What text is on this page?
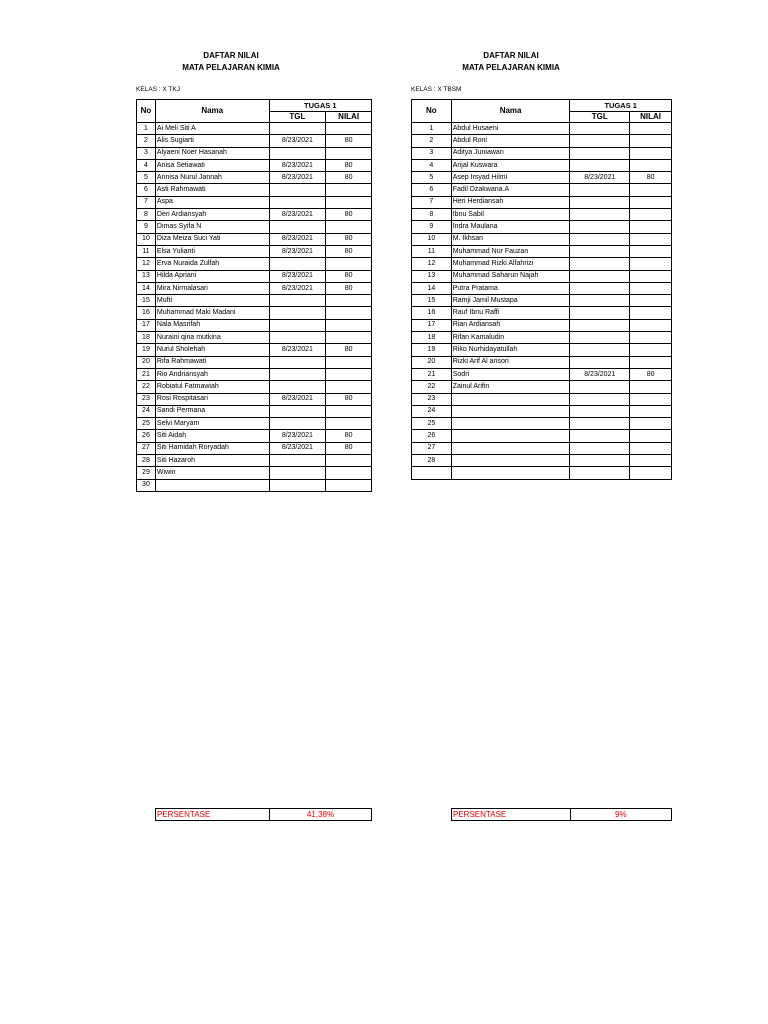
DAFTAR NILAI
MATA PELAJARAN KIMIA
KELAS : X TKJ
No	Nama	TUGAS 1	
		TGL	NILAI
1	Ai Meli Siti A		
2	Alis Sugiarti	8/23/2021	80
3	Alyaeni Noer Hasanah		
4	Anisa Setiawati	8/23/2021	80
5	Annisa Nurul Jannah	8/23/2021	80
6	Asti Rahmawati		
7	Aspa		
8	Deri Ardiansyah	8/23/2021	80
9	Dimas Syifa N		
10	Diza Meiza Suci Yati	8/23/2021	80
11	Elsa Yulianti	8/23/2021	80
12	Erva Nuraida Zulfah		
13	Hilda Apriani	8/23/2021	80
14	Mira Nirmalasari	8/23/2021	80
15	Mufti		
16	Muhammad Maki Madani		
17	Nala Masrifah		
18	Nuraini qina mutkina		
19	Nurul Sholehah	8/23/2021	80
20	Rifa Rahmawati		
21	Rio Andriansyah		
22	Robiatul Fatmawiah		
23	Rosi Rospitasari	8/23/2021	80
24	Sandi Permana		
25	Selvi Maryam		
26	Siti Aidah	8/23/2021	80
27	Siti Hamidah Roryadah	8/23/2021	80
28	Siti Hazaroh		
29	Wiwin		
30			
PERSENTASE	41,38%
DAFTAR NILAI
MATA PELAJARAN KIMIA
KELAS : X TBSM
No	Nama	TUGAS 1	
		TGL	NILAI
1	Abdul Husaeni		
2	Abdul Roni		
3	Aditya Juniawan		
4	Arijal Kuswara		
5	Asep Irsyad Hilmi	8/23/2021	80
6	Fadil Dzakwana.A		
7	Heri Herdiansah		
8	Ibnu Sabil		
9	Indra Maulana		
10	M. Ikhsan		
11	Muhammad Nur Fauzan		
12	Muhammad Rizki Alfahrizi		
13	Muhammad Saharun Najah		
14	Putra Pratama		
15	Ramji Jamil Mustapa		
16	Rauf Ibnu Raffi		
17	Rian Ardiansah		
18	Rifan Kamaludin		
19	Riko Nurhidayatullah		
20	Rizki Arif Al ansori		
21	Sodri	8/23/2021	80
22	Zainul Arifin		
23			
24			
25			
26			
27			
28			

PERSENTASE	9%
